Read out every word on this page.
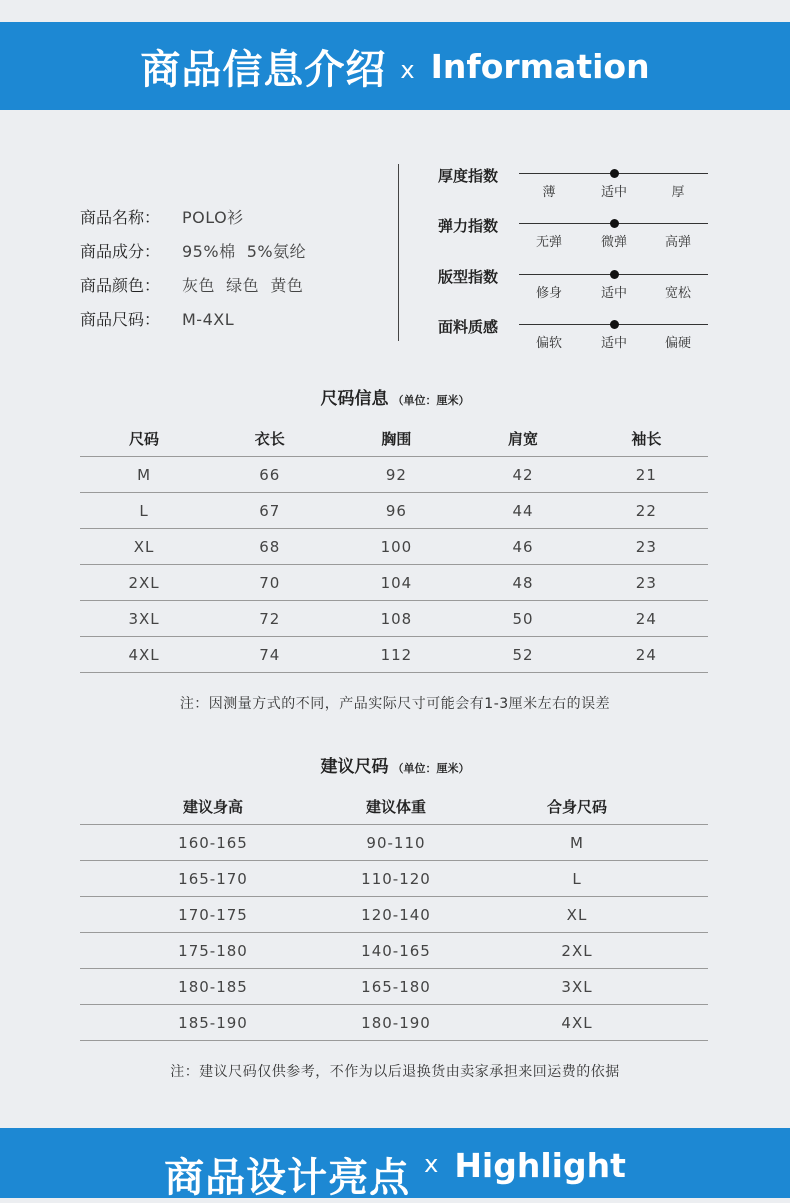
商品信息介绍 x Information
商品名称：	POLO衫
商品成分：	95%棉  5%氨纶
商品颜色：	灰色  绿色  黄色
商品尺码：	M-4XL
厚度指数
薄	适中	厚
弹力指数
无弹	微弹	高弹
版型指数
修身	适中	宽松
面料质感
偏软	适中	偏硬
尺码信息 （单位：厘米）
尺码	衣长	胸围	肩宽	袖长
M	66	92	42	21
L	67	96	44	22
XL	68	100	46	23
2XL	70	104	48	23
3XL	72	108	50	24
4XL	74	112	52	24
注：因测量方式的不同，产品实际尺寸可能会有1-3厘米左右的误差
建议尺码 （单位：厘米）
建议身高	建议体重	合身尺码
160-165	90-110	M
165-170	110-120	L
170-175	120-140	XL
175-180	140-165	2XL
180-185	165-180	3XL
185-190	180-190	4XL
注：建议尺码仅供参考，不作为以后退换货由卖家承担来回运费的依据
商品设计亮点 x Highlight
